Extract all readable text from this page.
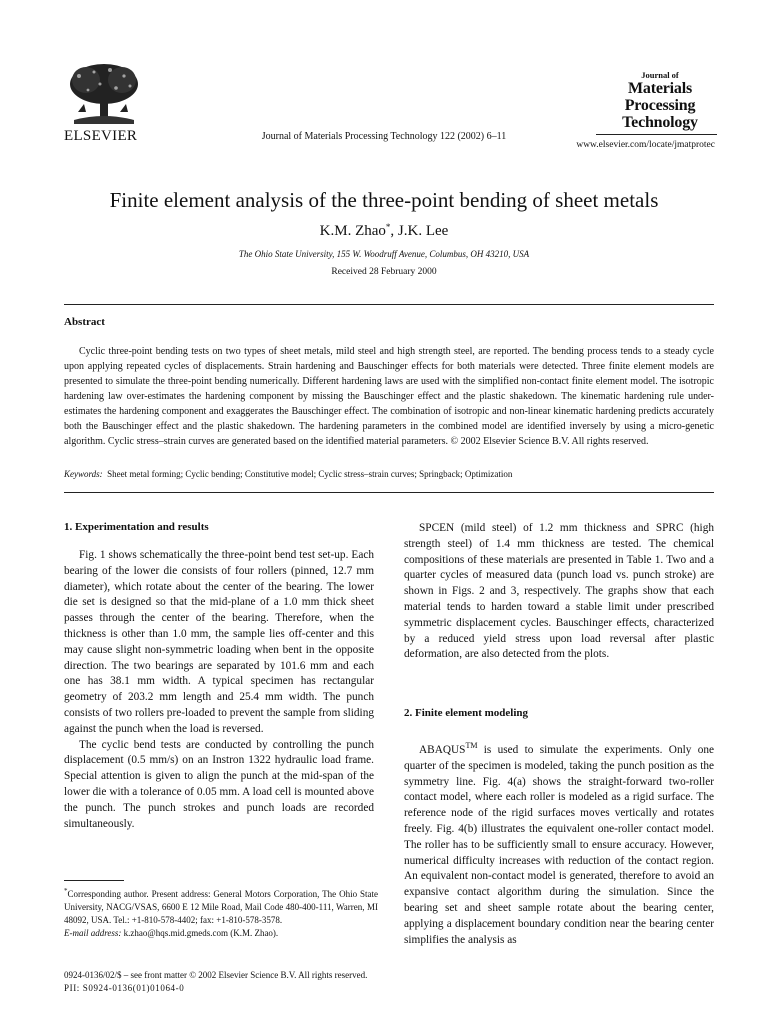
ELSEVIER	Journal of Materials Processing Technology 122 (2002) 6–11
Journal of
Materials
Processing
Technology
www.elsevier.com/locate/jmatprotec
Finite element analysis of the three-point bending of sheet metals
K.M. Zhao*, J.K. Lee
The Ohio State University, 155 W. Woodruff Avenue, Columbus, OH 43210, USA
Received 28 February 2000
Abstract
Cyclic three-point bending tests on two types of sheet metals, mild steel and high strength steel, are reported. The bending process tends to a steady cycle upon applying repeated cycles of displacements. Strain hardening and Bauschinger effects for both materials were detected. Three finite element models are presented to simulate the three-point bending numerically. Different hardening laws are used with the simplified non-contact finite element model. The isotropic hardening law over-estimates the hardening component by missing the Bauschinger effect and the plastic shakedown. The kinematic hardening rule under-estimates the hardening component and exaggerates the Bauschinger effect. The combination of isotropic and non-linear kinematic hardening predicts accurately both the Bauschinger effect and the plastic shakedown. The hardening parameters in the combined model are identified inversely by using a micro-genetic algorithm. Cyclic stress–strain curves are generated based on the identified material parameters. © 2002 Elsevier Science B.V. All rights reserved.
Keywords: Sheet metal forming; Cyclic bending; Constitutive model; Cyclic stress–strain curves; Springback; Optimization
1. Experimentation and results

Fig. 1 shows schematically the three-point bend test set-up. Each bearing of the lower die consists of four rollers (pinned, 12.7 mm diameter), which rotate about the center of the bearing. The lower die set is designed so that the mid-plane of a 1.0 mm thick sheet passes through the center of the bearing. Therefore, when the thickness is other than 1.0 mm, the sample lies off-center and this may cause slight non-symmetric loading when bent in the opposite direction. The two bearings are separated by 101.6 mm and each one has 38.1 mm width. A typical specimen has rectangular geometry of 203.2 mm length and 25.4 mm width. The punch consists of two rollers pre-loaded to prevent the sample from sliding against the punch when the load is reversed.

The cyclic bend tests are conducted by controlling the punch displacement (0.5 mm/s) on an Instron 1322 hydraulic load frame. Special attention is given to align the punch at the mid-span of the lower die with a tolerance of 0.05 mm. A load cell is mounted above the punch. The punch strokes and punch loads are recorded simultaneously.

SPCEN (mild steel) of 1.2 mm thickness and SPRC (high strength steel) of 1.4 mm thickness are tested. The chemical compositions of these materials are presented in Table 1. Two and a quarter cycles of measured data (punch load vs. punch stroke) are shown in Figs. 2 and 3, respectively. The graphs show that each material tends to harden toward a stable limit under prescribed symmetric displacement cycles. Bauschinger effects, characterized by a reduced yield stress upon load reversal after plastic deformation, are also detected from the plots.

2. Finite element modeling

ABAQUS™ is used to simulate the experiments. Only one quarter of the specimen is modeled, taking the punch position as the symmetry line. Fig. 4(a) shows the straight-forward two-roller contact model, where each roller is modeled as a rigid surface. The reference node of the rigid surfaces moves vertically and rotates freely. Fig. 4(b) illustrates the equivalent one-roller contact model. The roller has to be sufficiently small to ensure accuracy. However, numerical difficulty increases with reduction of the contact region. An equivalent non-contact model is generated, therefore to avoid an expansive contact algorithm during the simulation. Since the bearing set and sheet sample rotate about the bearing center, applying a displacement boundary condition near the bearing center simplifies the analysis as

*Corresponding author. Present address: General Motors Corporation, The Ohio State University, NACG/VSAS, 6600 E 12 Mile Road, Mail Code 480-400-111, Warren, MI 48092, USA. Tel.: +1-810-578-4402; fax: +1-810-578-3578.
E-mail address: k.zhao@hqs.mid.gmeds.com (K.M. Zhao).
0924-0136/02/$ – see front matter © 2002 Elsevier Science B.V. All rights reserved.
PII: S0924-0136(01)01064-0
